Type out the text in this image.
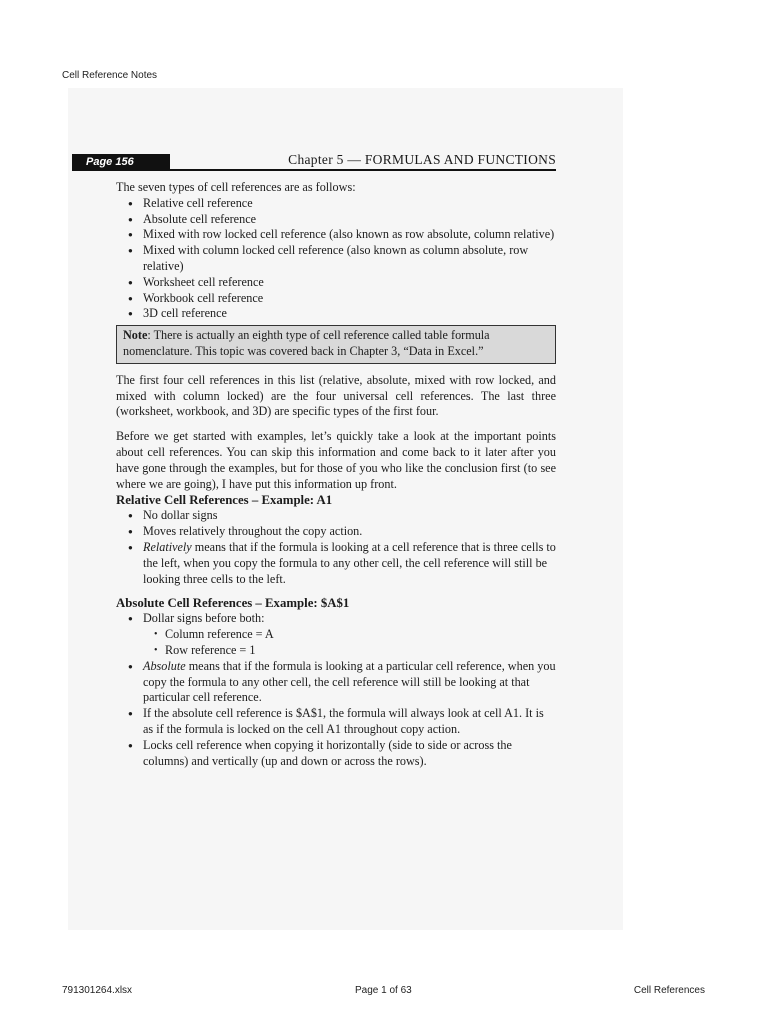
Cell Reference Notes
Page 156	Chapter 5 — FORMULAS AND FUNCTIONS

The seven types of cell references are as follows:

● Relative cell reference
● Absolute cell reference
● Mixed with row locked cell reference (also known as row absolute, column relative)
● Mixed with column locked cell reference (also known as column absolute, row relative)
● Worksheet cell reference
● Workbook cell reference
● 3D cell reference
Note: There is actually an eighth type of cell reference called table formula nomenclature. This topic was covered back in Chapter 3, “Data in Excel.”

The first four cell references in this list (relative, absolute, mixed with row locked, and mixed with column locked) are the four universal cell references. The last three (worksheet, workbook, and 3D) are specific types of the first four.

Before we get started with examples, let’s quickly take a look at the important points about cell references. You can skip this information and come back to it later after you have gone through the examples, but for those of you who like the conclusion first (to see where we are going), I have put this information up front.

Relative Cell References – Example: A1
● No dollar signs
● Moves relatively throughout the copy action.
● Relatively means that if the formula is looking at a cell reference that is three cells to the left, when you copy the formula to any other cell, the cell reference will still be looking three cells to the left.
Absolute Cell References – Example: $A$1
● Dollar signs before both:
• Column reference = A
• Row reference = 1
● Absolute means that if the formula is looking at a particular cell reference, when you copy the formula to any other cell, the cell reference will still be looking at that particular cell reference.
● If the absolute cell reference is $A$1, the formula will always look at cell A1. It is as if the formula is locked on the cell A1 throughout copy action.
● Locks cell reference when copying it horizontally (side to side or across the columns) and vertically (up and down or across the rows).
791301264.xlsx	Page 1 of 63	Cell References
